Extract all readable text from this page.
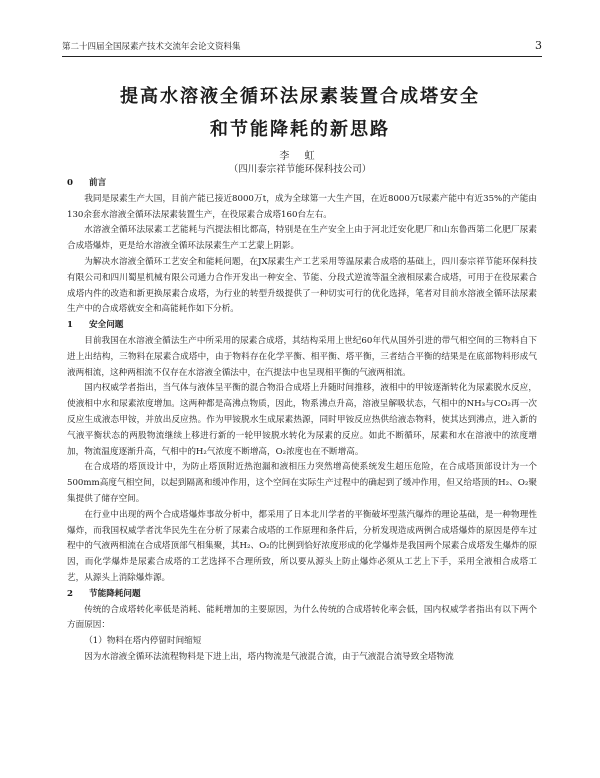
第二十四届全国尿素产技术交流年会论文资料集	3
提高水溶液全循环法尿素装置合成塔安全
和节能降耗的新思路
李 虹
（四川泰宗祥节能环保科技公司）

0 前言

我同是尿素生产大国，目前产能已接近8000万t，成为全球第一大生产国，在近8000万t尿素产能中有近35%的产能由130余套水溶液全循环法尿素装置生产，在役尿素合成塔160台左右。

水溶液全循环法尿素工艺能耗与汽提法相比都高，特别是在生产安全上由于河北迁安化肥厂和山东鲁西第二化肥厂尿素合成塔爆炸，更是给水溶液全循环法尿素生产工艺蒙上阴影。

为解决水溶液全循环工艺安全和能耗问题，在JX尿素生产工艺采用等温尿素合成塔的基础上，四川泰宗祥节能环保科技有限公司和四川蜀星机械有限公司通力合作开发出一种安全、节能、分段式逆流等温全液相尿素合成塔，可用于在役尿素合成塔内件的改造和新更换尿素合成塔，为行业的转型升级提供了一种切实可行的优化选择，笔者对目前水溶液全循环法尿素生产中的合成塔就安全和高能耗作如下分析。

1 安全问题

目前我国在水溶液全循法生产中所采用的尿素合成塔，其结构采用上世纪60年代从国外引进的带气相空间的三物料自下进上出结构，三物料在尿素合成塔中，由于物料存在化学平衡、相平衡、塔平衡，三者结合平衡的结果是在底部物料形成气液两相流，这种两相流不仅存在水溶液全循法中，在汽提法中也呈现相平衡的气液两相流。

国内权威学者指出，当气体与液体呈平衡的混合物沿合成塔上升随时间推移，液相中的甲铵逐渐转化为尿素脱水反应，使液相中水和尿素浓度增加。这两种都是高沸点物质，因此，物系沸点升高，溶液呈解吸状态，气相中的NH₃与CO₂再一次反应生成液态甲铵，并放出反应热。作为甲铵脱水生成尿素热源，同时甲铵反应热供给液态物料，使其达到沸点，进入新的气液平衡状态的两股物流继续上移进行新的一轮甲铵脱水转化为尿素的反应。如此不断循环，尿素和水在溶液中的浓度增加，物流温度逐渐升高，气相中的H₂气浓度不断增高，O₂浓度也在不断增高。

在合成塔的塔顶设计中，为防止塔顶附近热泡漏和液相压力突然增高使系统发生超压危险，在合成塔顶部设计为一个500mm高度气相空间，以起到隔离和缓冲作用，这个空间在实际生产过程中的确起到了缓冲作用，但又给塔顶的H₂、O₂聚集提供了储存空间。

在行业中出现的两个合成塔爆炸事故分析中，都采用了日本北川学者的平衡破坏型蒸汽爆炸的理论基础，是一种物理性爆炸，而我国权威学者沈华民先生在分析了尿素合成塔的工作原理和条件后，分析发现造成两例合成塔爆炸的原因是停车过程中的气液两相流在合成塔顶部气相集聚，其H₂、O₂的比例到恰好浓度形成的化学爆炸是我国两个尿素合成塔发生爆炸的原因，而化学爆炸是尿素合成塔的工艺选择不合理所致，所以要从源头上防止爆炸必须从工艺上下手，采用全液相合成塔工艺，从源头上消除爆炸源。

2 节能降耗问题

传统的合成塔转化率低是消耗、能耗增加的主要原因，为什么传统的合成塔转化率会低，国内权威学者指出有以下两个方面原因：

（1）物料在塔内停留时间缩短

因为水溶液全循环法流程物料是下进上出，塔内物流是气液混合流，由于气液混合流导致全塔物流
